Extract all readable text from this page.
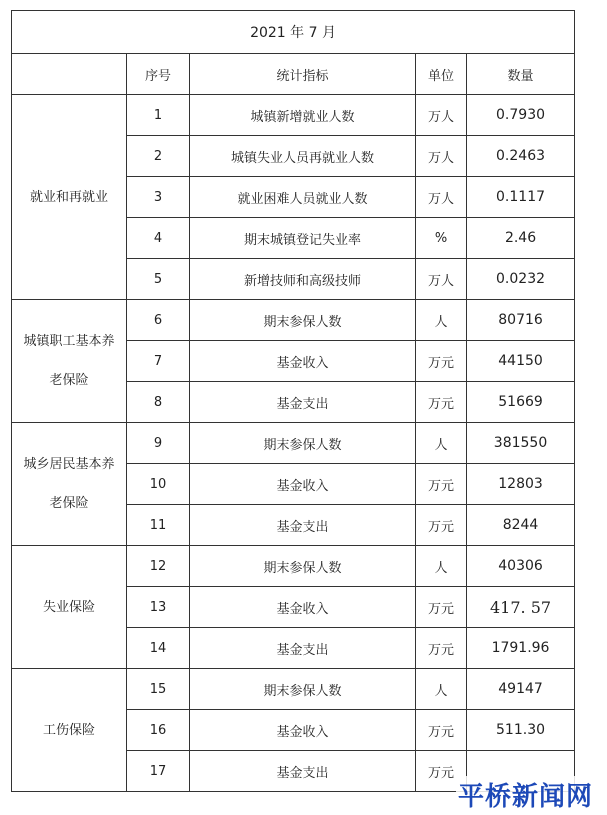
2021 年 7 月				
	序号	统计指标	单位	数量
就业和再就业	1	城镇新增就业人数	万人	0.7930
	2	城镇失业人员再就业人数	万人	0.2463
	3	就业困难人员就业人数	万人	0.1117
	4	期末城镇登记失业率	%	2.46
	5	新增技师和高级技师	万人	0.0232
城镇职工基本养老保险	6	期末参保人数	人	80716
	7	基金收入	万元	44150
	8	基金支出	万元	51669
城乡居民基本养老保险	9	期末参保人数	人	381550
	10	基金收入	万元	12803
	11	基金支出	万元	8244
失业保险	12	期末参保人数	人	40306
	13	基金收入	万元	417. 57
	14	基金支出	万元	1791.96
工伤保险	15	期末参保人数	人	49147
	16	基金收入	万元	511.30
	17	基金支出	万元	
平桥新闻网
